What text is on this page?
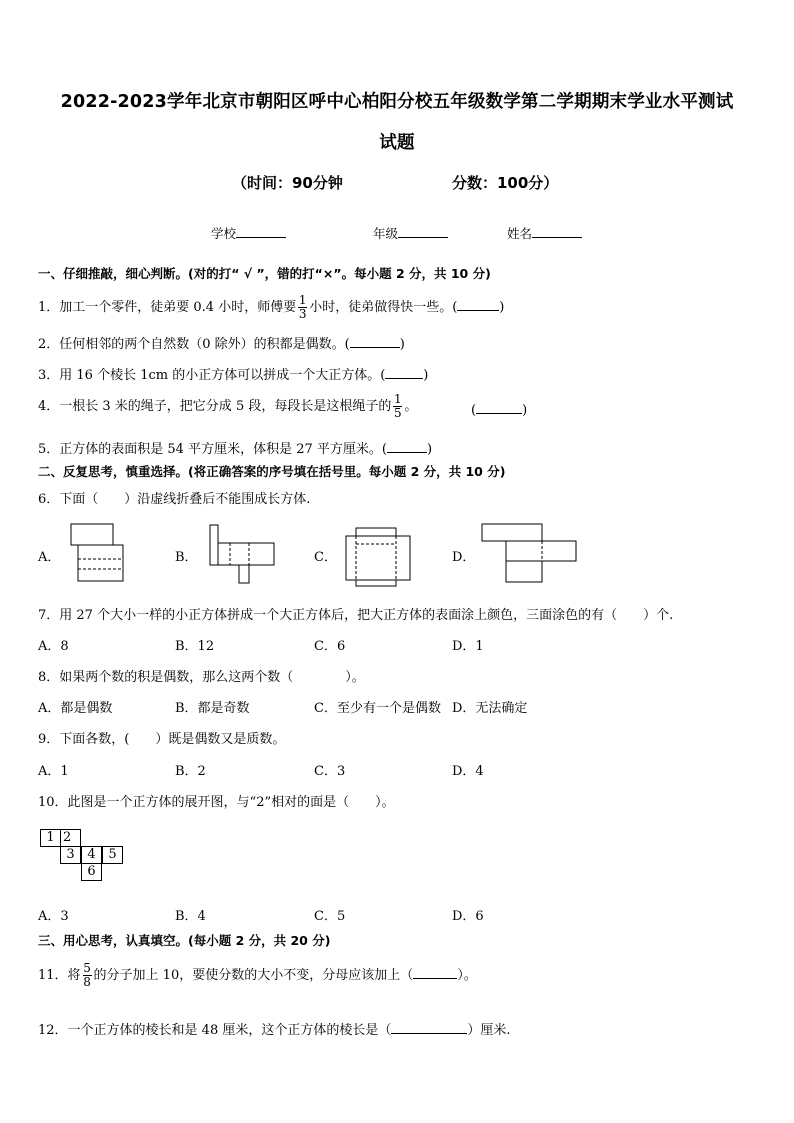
2022-2023学年北京市朝阳区呼中心柏阳分校五年级数学第二学期期末学业水平测试
试题
（时间：90分钟	分数：100分）
学校	年级	姓名
一、仔细推敲，细心判断。(对的打“ √ ”，错的打“×”。每小题 2 分，共 10 分)
1．加工一个零件，徒弟要 0.4 小时，师傅要 $\frac{1}{3}$ 小时，徒弟做得快一些。(	)
2．任何相邻的两个自然数（0 除外）的积都是偶数。(	)
3．用 16 个棱长 1cm 的小正方体可以拼成一个大正方体。(	)
4．一根长 3 米的绳子，把它分成 5 段，每段长是这根绳子的 $\frac{1}{5}$ 。	(	)
5．正方体的表面积是 54 平方厘米，体积是 27 平方厘米。(	)
二、反复思考，慎重选择。(将正确答案的序号填在括号里。每小题 2 分，共 10 分)
6．下面（　　）沿虚线折叠后不能围成长方体.
A．	B．	C．	D．
7．用 27 个大小一样的小正方体拼成一个大正方体后，把大正方体的表面涂上颜色，三面涂色的有（　　）个.
A．8	B．12	C．6	D．1
8．如果两个数的积是偶数，那么这两个数（　　　　）。
A．都是偶数	B．都是奇数	C．至少有一个是偶数 D．无法确定
9．下面各数，(　　）既是偶数又是质数。
A．1	B．2	C．3	D．4
10．此图是一个正方体的展开图，与“2”相对的面是（　　）。
1 2
3 4 5
6
A．3	B．4	C．5	D．6
三、用心思考，认真填空。(每小题 2 分，共 20 分)
11．将 $\frac{5}{8}$ 的分子加上 10，要使分数的大小不变，分母应该加上（	）。
12．一个正方体的棱长和是 48 厘米，这个正方体的棱长是（	）厘米.
